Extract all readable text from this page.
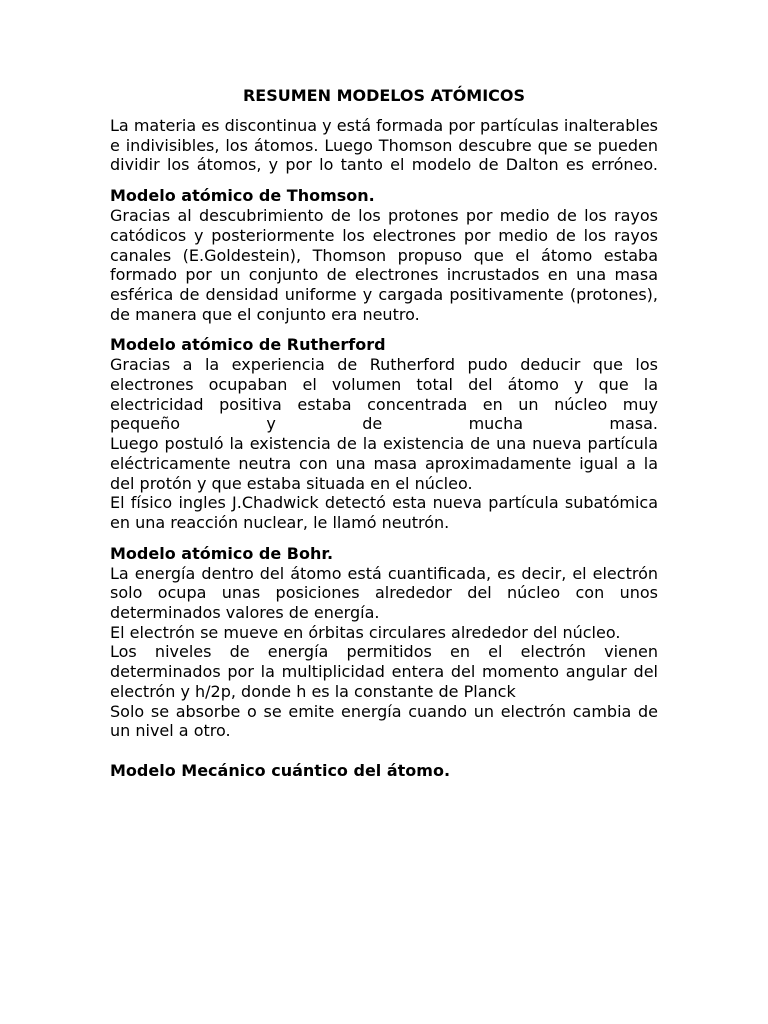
RESUMEN MODELOS ATÓMICOS

La materia es discontinua y está formada por partículas inalterables e indivisibles, los átomos. Luego Thomson descubre que se pueden dividir los átomos, y por lo tanto el modelo de Dalton es erróneo.

Modelo atómico de Thomson.

Gracias al descubrimiento de los protones por medio de los rayos catódicos y posteriormente los electrones por medio de los rayos canales (E.Goldestein), Thomson propuso que el átomo estaba formado por un conjunto de electrones incrustados en una masa esférica de densidad uniforme y cargada positivamente (protones), de manera que el conjunto era neutro.

Modelo atómico de Rutherford

Gracias a la experiencia de Rutherford pudo deducir que los electrones ocupaban el volumen total del átomo y que la electricidad positiva estaba concentrada en un núcleo muy pequeño y de mucha masa.

Luego postuló la existencia de la existencia de una nueva partícula eléctricamente neutra con una masa aproximadamente igual a la del protón y que estaba situada en el núcleo.

El físico ingles J.Chadwick detectó esta nueva partícula subatómica en una reacción nuclear, le llamó neutrón.

Modelo atómico de Bohr.

La energía dentro del átomo está cuantificada, es decir, el electrón solo ocupa unas posiciones alrededor del núcleo con unos determinados valores de energía.

El electrón se mueve en órbitas circulares alrededor del núcleo.

Los niveles de energía permitidos en el electrón vienen determinados por la multiplicidad entera del momento angular del electrón y h/2p, donde h es la constante de Planck

Solo se absorbe o se emite energía cuando un electrón cambia de un nivel a otro.

Modelo Mecánico cuántico del átomo.
